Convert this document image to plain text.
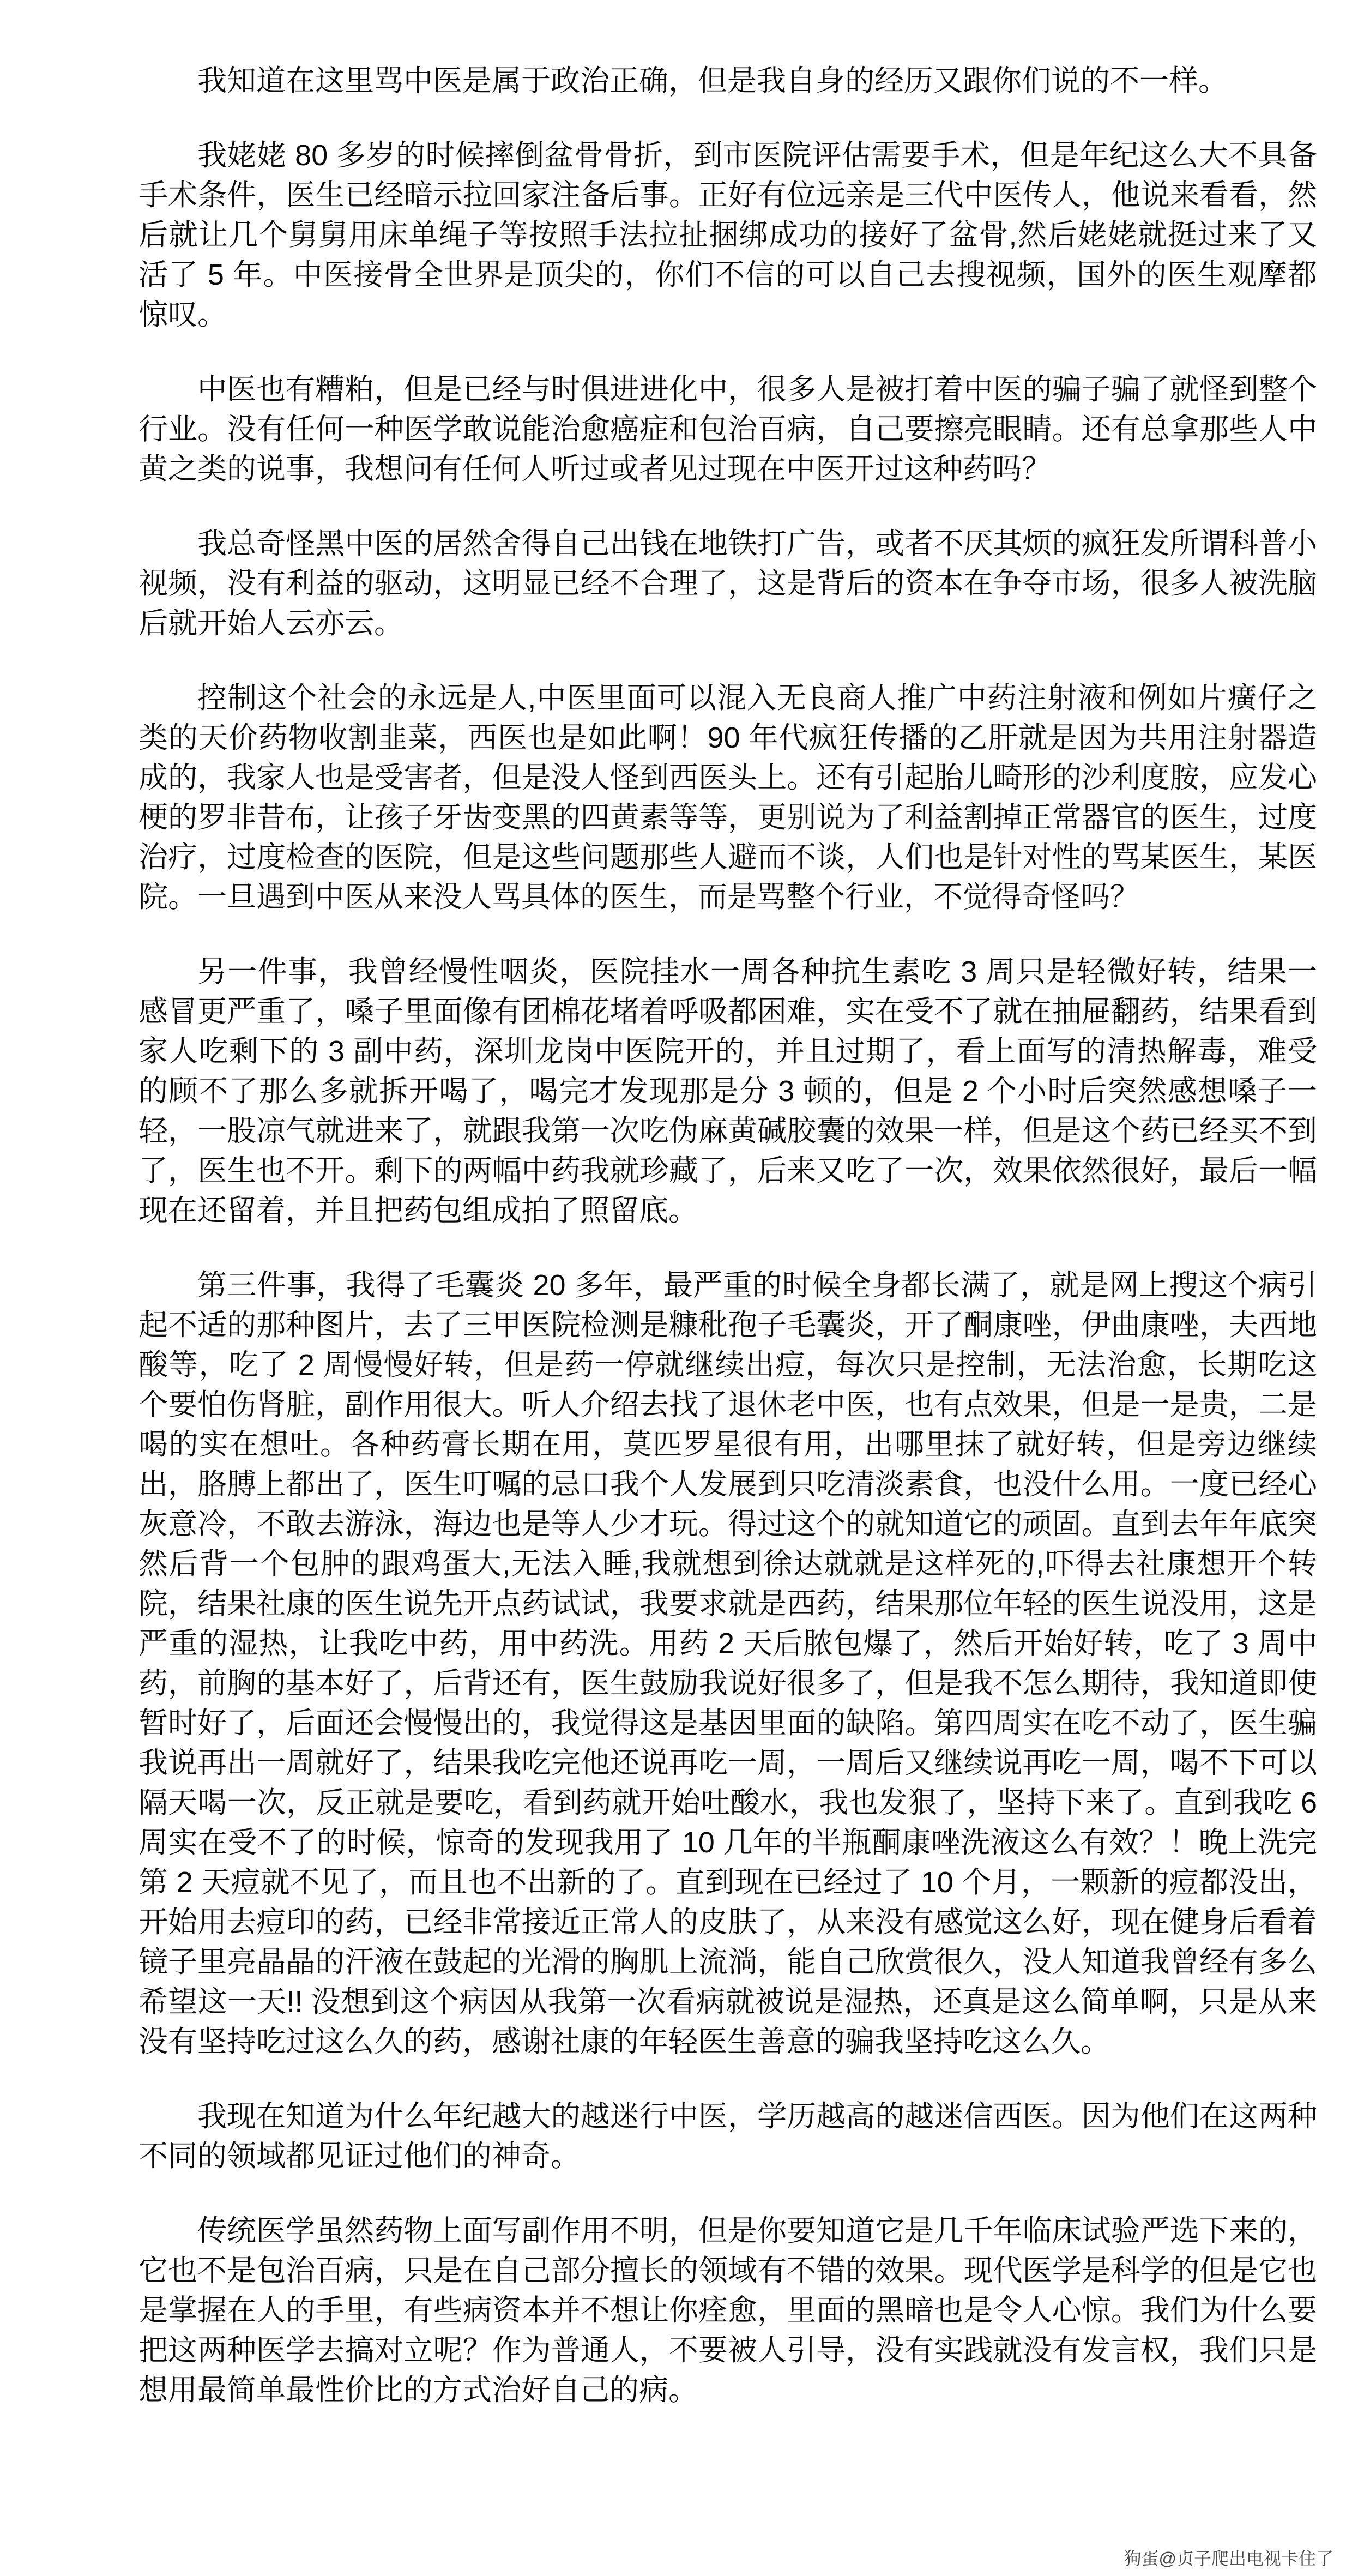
我知道在这里骂中医是属于政治正确，但是我自身的经历又跟你们说的不一样。

我姥姥 80 多岁的时候摔倒盆骨骨折，到市医院评估需要手术，但是年纪这么大不具备手术条件，医生已经暗示拉回家注备后事。正好有位远亲是三代中医传人，他说来看看，然后就让几个舅舅用床单绳子等按照手法拉扯捆绑成功的接好了盆骨,然后姥姥就挺过来了又活了 5 年。中医接骨全世界是顶尖的，你们不信的可以自己去搜视频，国外的医生观摩都惊叹。

中医也有糟粕，但是已经与时俱进进化中，很多人是被打着中医的骗子骗了就怪到整个行业。没有任何一种医学敢说能治愈癌症和包治百病，自己要擦亮眼睛。还有总拿那些人中黄之类的说事，我想问有任何人听过或者见过现在中医开过这种药吗？

我总奇怪黑中医的居然舍得自己出钱在地铁打广告，或者不厌其烦的疯狂发所谓科普小视频，没有利益的驱动，这明显已经不合理了，这是背后的资本在争夺市场，很多人被洗脑后就开始人云亦云。

控制这个社会的永远是人,中医里面可以混入无良商人推广中药注射液和例如片癀仔之类的天价药物收割韭菜，西医也是如此啊！90 年代疯狂传播的乙肝就是因为共用注射器造成的，我家人也是受害者，但是没人怪到西医头上。还有引起胎儿畸形的沙利度胺，应发心梗的罗非昔布，让孩子牙齿变黑的四黄素等等，更别说为了利益割掉正常器官的医生，过度治疗，过度检查的医院，但是这些问题那些人避而不谈，人们也是针对性的骂某医生，某医院。一旦遇到中医从来没人骂具体的医生，而是骂整个行业，不觉得奇怪吗？

另一件事，我曾经慢性咽炎，医院挂水一周各种抗生素吃 3 周只是轻微好转，结果一感冒更严重了，嗓子里面像有团棉花堵着呼吸都困难，实在受不了就在抽屉翻药，结果看到家人吃剩下的 3 副中药，深圳龙岗中医院开的，并且过期了，看上面写的清热解毒，难受的顾不了那么多就拆开喝了，喝完才发现那是分 3 顿的，但是 2 个小时后突然感想嗓子一轻，一股凉气就进来了，就跟我第一次吃伪麻黄碱胶囊的效果一样，但是这个药已经买不到了，医生也不开。剩下的两幅中药我就珍藏了，后来又吃了一次，效果依然很好，最后一幅现在还留着，并且把药包组成拍了照留底。

第三件事，我得了毛囊炎 20 多年，最严重的时候全身都长满了，就是网上搜这个病引起不适的那种图片，去了三甲医院检测是糠秕孢子毛囊炎，开了酮康唑，伊曲康唑，夫西地酸等，吃了 2 周慢慢好转，但是药一停就继续出痘，每次只是控制，无法治愈，长期吃这个要怕伤肾脏，副作用很大。听人介绍去找了退休老中医，也有点效果，但是一是贵，二是喝的实在想吐。各种药膏长期在用，莫匹罗星很有用，出哪里抹了就好转，但是旁边继续出，胳膊上都出了，医生叮嘱的忌口我个人发展到只吃清淡素食，也没什么用。一度已经心灰意冷，不敢去游泳，海边也是等人少才玩。得过这个的就知道它的顽固。直到去年年底突然后背一个包肿的跟鸡蛋大,无法入睡,我就想到徐达就就是这样死的,吓得去社康想开个转院，结果社康的医生说先开点药试试，我要求就是西药，结果那位年轻的医生说没用，这是严重的湿热，让我吃中药，用中药洗。用药 2 天后脓包爆了，然后开始好转，吃了 3 周中药，前胸的基本好了，后背还有，医生鼓励我说好很多了，但是我不怎么期待，我知道即使暂时好了，后面还会慢慢出的，我觉得这是基因里面的缺陷。第四周实在吃不动了，医生骗我说再出一周就好了，结果我吃完他还说再吃一周，一周后又继续说再吃一周，喝不下可以隔天喝一次，反正就是要吃，看到药就开始吐酸水，我也发狠了，坚持下来了。直到我吃 6 周实在受不了的时候，惊奇的发现我用了 10 几年的半瓶酮康唑洗液这么有效？！晚上洗完第 2 天痘就不见了，而且也不出新的了。直到现在已经过了 10 个月，一颗新的痘都没出，开始用去痘印的药，已经非常接近正常人的皮肤了，从来没有感觉这么好，现在健身后看着镜子里亮晶晶的汗液在鼓起的光滑的胸肌上流淌，能自己欣赏很久，没人知道我曾经有多么希望这一天!! 没想到这个病因从我第一次看病就被说是湿热，还真是这么简单啊，只是从来没有坚持吃过这么久的药，感谢社康的年轻医生善意的骗我坚持吃这么久。

我现在知道为什么年纪越大的越迷行中医，学历越高的越迷信西医。因为他们在这两种不同的领域都见证过他们的神奇。

传统医学虽然药物上面写副作用不明，但是你要知道它是几千年临床试验严选下来的，它也不是包治百病，只是在自己部分擅长的领域有不错的效果。现代医学是科学的但是它也是掌握在人的手里，有些病资本并不想让你痊愈，里面的黑暗也是令人心惊。我们为什么要把这两种医学去搞对立呢？作为普通人，不要被人引导，没有实践就没有发言权，我们只是想用最简单最性价比的方式治好自己的病。

狗蛋@贞子爬出电视卡住了
